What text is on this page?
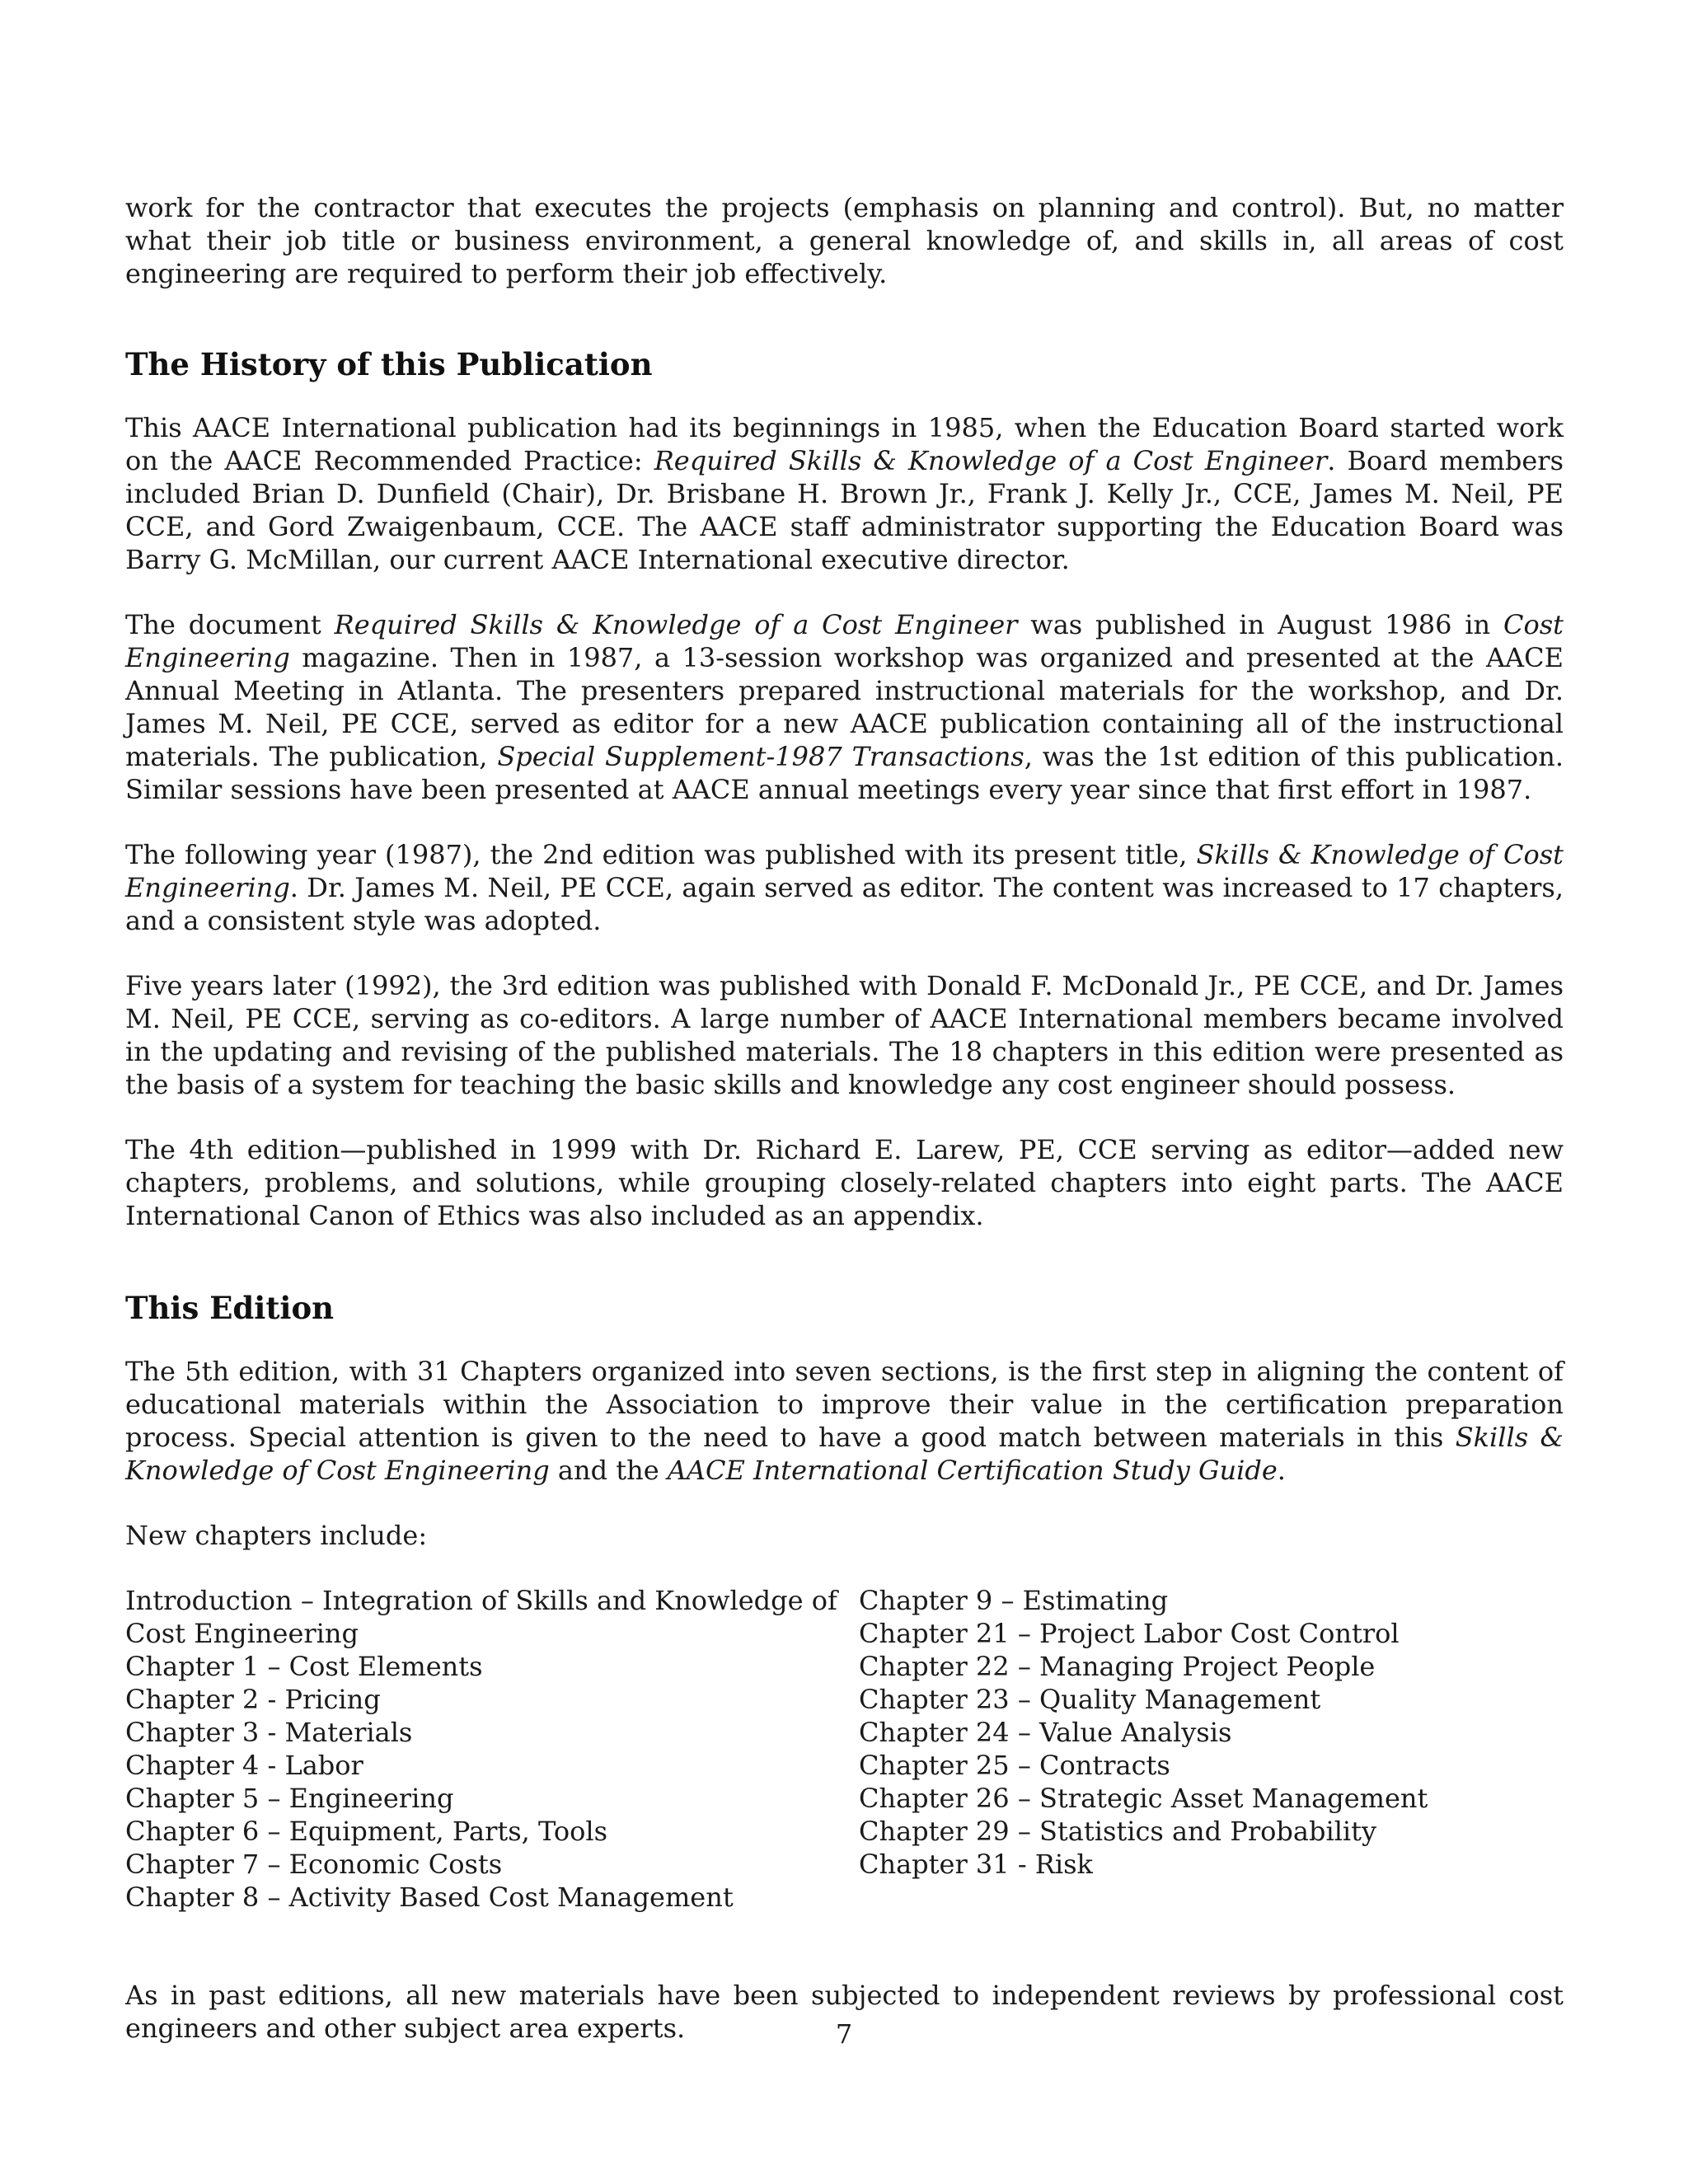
work for the contractor that executes the projects (emphasis on planning and control). But, no matter what their job title or business environment, a general knowledge of, and skills in, all areas of cost engineering are required to perform their job effectively.

The History of this Publication

This AACE International publication had its beginnings in 1985, when the Education Board started work on the AACE Recommended Practice: Required Skills & Knowledge of a Cost Engineer. Board members included Brian D. Dunfield (Chair), Dr. Brisbane H. Brown Jr., Frank J. Kelly Jr., CCE, James M. Neil, PE CCE, and Gord Zwaigenbaum, CCE. The AACE staff administrator supporting the Education Board was Barry G. McMillan, our current AACE International executive director.

The document Required Skills & Knowledge of a Cost Engineer was published in August 1986 in Cost Engineering magazine. Then in 1987, a 13-session workshop was organized and presented at the AACE Annual Meeting in Atlanta. The presenters prepared instructional materials for the workshop, and Dr. James M. Neil, PE CCE, served as editor for a new AACE publication containing all of the instructional materials. The publication, Special Supplement-1987 Transactions, was the 1st edition of this publication. Similar sessions have been presented at AACE annual meetings every year since that first effort in 1987.

The following year (1987), the 2nd edition was published with its present title, Skills & Knowledge of Cost Engineering. Dr. James M. Neil, PE CCE, again served as editor. The content was increased to 17 chapters, and a consistent style was adopted.

Five years later (1992), the 3rd edition was published with Donald F. McDonald Jr., PE CCE, and Dr. James M. Neil, PE CCE, serving as co-editors. A large number of AACE International members became involved in the updating and revising of the published materials. The 18 chapters in this edition were presented as the basis of a system for teaching the basic skills and knowledge any cost engineer should possess.

The 4th edition—published in 1999 with Dr. Richard E. Larew, PE, CCE serving as editor—added new chapters, problems, and solutions, while grouping closely-related chapters into eight parts. The AACE International Canon of Ethics was also included as an appendix.

This Edition

The 5th edition, with 31 Chapters organized into seven sections, is the first step in aligning the content of educational materials within the Association to improve their value in the certification preparation process. Special attention is given to the need to have a good match between materials in this Skills & Knowledge of Cost Engineering and the AACE International Certification Study Guide.

New chapters include:

Introduction – Integration of Skills and Knowledge of Cost Engineering
Chapter 1 – Cost Elements
Chapter 2 - Pricing
Chapter 3 - Materials
Chapter 4 - Labor
Chapter 5 – Engineering
Chapter 6 – Equipment, Parts, Tools
Chapter 7 – Economic Costs
Chapter 8 – Activity Based Cost Management
Chapter 9 – Estimating
Chapter 21 – Project Labor Cost Control
Chapter 22 – Managing Project People
Chapter 23 – Quality Management
Chapter 24 – Value Analysis
Chapter 25 – Contracts
Chapter 26 – Strategic Asset Management
Chapter 29 – Statistics and Probability
Chapter 31 - Risk

As in past editions, all new materials have been subjected to independent reviews by professional cost engineers and other subject area experts.	7
